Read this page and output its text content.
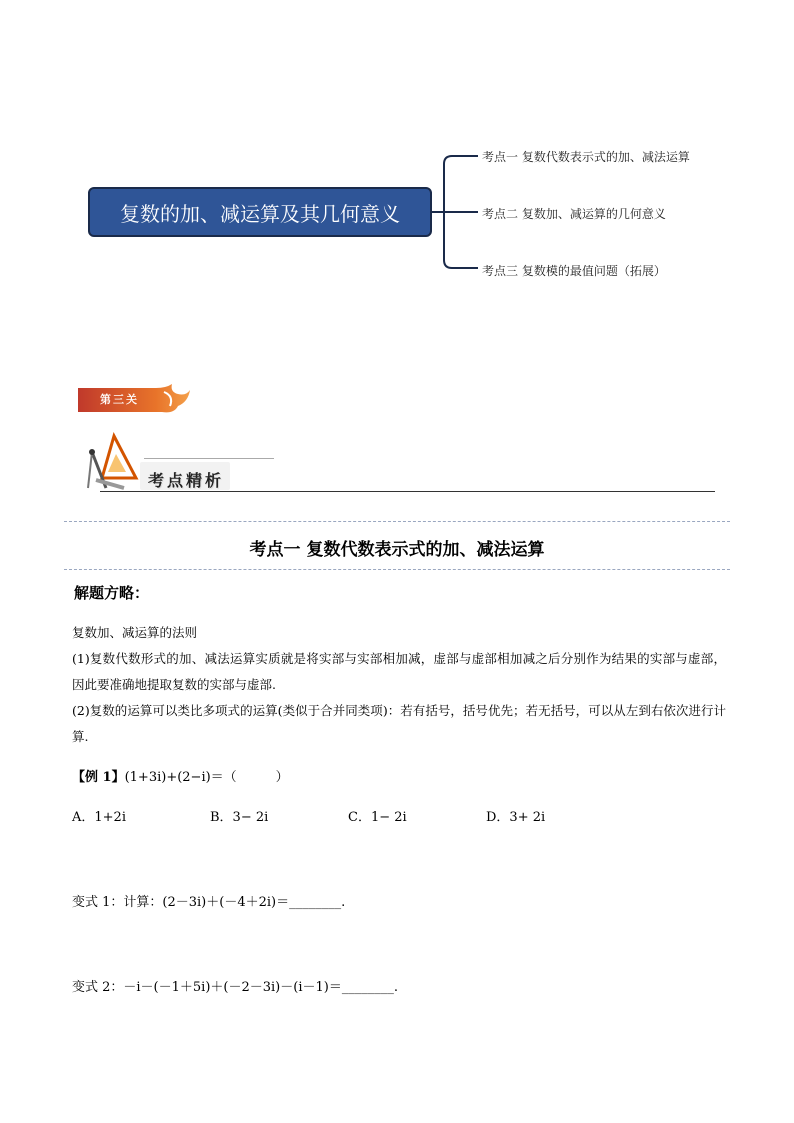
复数的加、减运算及其几何意义
考点一 复数代数表示式的加、减法运算
考点二 复数加、减运算的几何意义
考点三 复数模的最值问题（拓展）
第三关
考点精析
考点一 复数代数表示式的加、减法运算
解题方略：
复数加、减运算的法则
(1)复数代数形式的加、减法运算实质就是将实部与实部相加减，虚部与虚部相加减之后分别作为结果的实部与虚部，因此要准确地提取复数的实部与虚部.
(2)复数的运算可以类比多项式的运算(类似于合并同类项)：若有括号，括号优先；若无括号，可以从左到右依次进行计算.
【例 1】(1+3i)+(2−i)＝（　　　）
A．1+2i	B．3− 2i	C．1− 2i	D．3+ 2i
变式 1：计算：(2－3i)＋(－4＋2i)＝________.
变式 2：－i－(－1＋5i)＋(－2－3i)－(i－1)＝________.
